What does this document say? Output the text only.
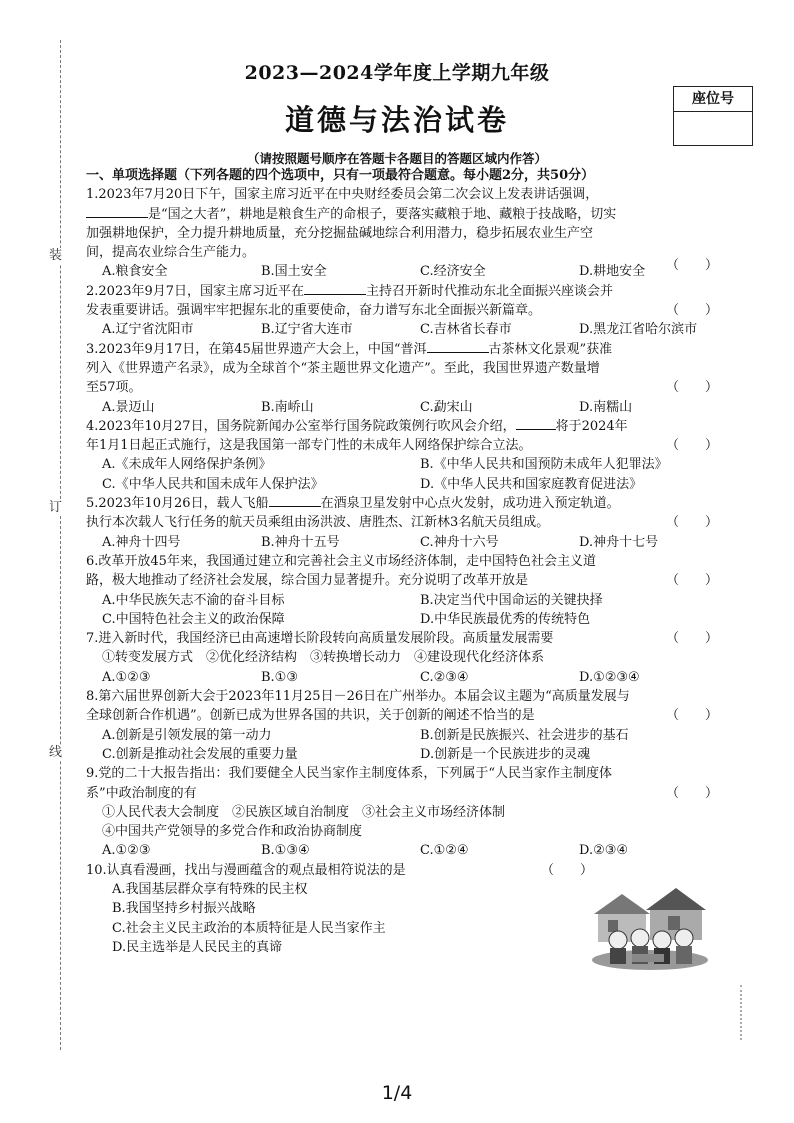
装
订
线
2023—2024学年度上学期九年级
道德与法治试卷
座位号
（请按照题号顺序在答题卡各题目的答题区域内作答）
一、单项选择题（下列各题的四个选项中，只有一项最符合题意。每小题2分，共50分）
1.2023年7月20日下午，国家主席习近平在中央财经委员会第二次会议上发表讲话强调，
是“国之大者”，耕地是粮食生产的命根子，要落实藏粮于地、藏粮于技战略，切实
加强耕地保护，全力提升耕地质量，充分挖掘盐碱地综合利用潜力，稳步拓展农业生产空
间，提高农业综合生产能力。
A.粮食安全	B.国土安全	C.经济安全	D.耕地安全	（　　）
2.2023年9月7日，国家主席习近平在	主持召开新时代推动东北全面振兴座谈会并
发表重要讲话。强调牢牢把握东北的重要使命，奋力谱写东北全面振兴新篇章。	（　　）
A.辽宁省沈阳市	B.辽宁省大连市	C.吉林省长春市	D.黑龙江省哈尔滨市
3.2023年9月17日，在第45届世界遗产大会上，中国“普洱	古茶林文化景观”获准
列入《世界遗产名录》，成为全球首个“茶主题世界文化遗产”。至此，我国世界遗产数量增
至57项。	（　　）
A.景迈山	B.南峤山	C.勐宋山	D.南糯山
4.2023年10月27日，国务院新闻办公室举行国务院政策例行吹风会介绍，	将于2024年
年1月1日起正式施行，这是我国第一部专门性的未成年人网络保护综合立法。	（　　）
A.《未成年人网络保护条例》	B.《中华人民共和国预防未成年人犯罪法》
C.《中华人民共和国未成年人保护法》	D.《中华人民共和国家庭教育促进法》
5.2023年10月26日，载人飞船	在酒泉卫星发射中心点火发射，成功进入预定轨道。
执行本次载人飞行任务的航天员乘组由汤洪波、唐胜杰、江新林3名航天员组成。	（　　）
A.神舟十四号	B.神舟十五号	C.神舟十六号	D.神舟十七号
6.改革开放45年来，我国通过建立和完善社会主义市场经济体制，走中国特色社会主义道
路，极大地推动了经济社会发展，综合国力显著提升。充分说明了改革开放是	（　　）
A.中华民族矢志不渝的奋斗目标	B.决定当代中国命运的关键抉择
C.中国特色社会主义的政治保障	D.中华民族最优秀的传统特色
7.进入新时代，我国经济已由高速增长阶段转向高质量发展阶段。高质量发展需要	（　　）
①转变发展方式　②优化经济结构　③转换增长动力　④建设现代化经济体系
A.①②③	B.①③	C.②③④	D.①②③④
8.第六届世界创新大会于2023年11月25日－26日在广州举办。本届会议主题为“高质量发展与
全球创新合作机遇”。创新已成为世界各国的共识，关于创新的阐述不恰当的是	（　　）
A.创新是引领发展的第一动力	B.创新是民族振兴、社会进步的基石
C.创新是推动社会发展的重要力量	D.创新是一个民族进步的灵魂
9.党的二十大报告指出：我们要健全人民当家作主制度体系，下列属于“人民当家作主制度体
系”中政治制度的有	（　　）
①人民代表大会制度　②民族区域自治制度　③社会主义市场经济体制
④中国共产党领导的多党合作和政治协商制度
A.①②③	B.①③④	C.①②④	D.②③④
10.认真看漫画，找出与漫画蕴含的观点最相符说法的是	（　　）
A.我国基层群众享有特殊的民主权
B.我国坚持乡村振兴战略
C.社会主义民主政治的本质特征是人民当家作主
D.民主选举是人民民主的真谛
1/4
